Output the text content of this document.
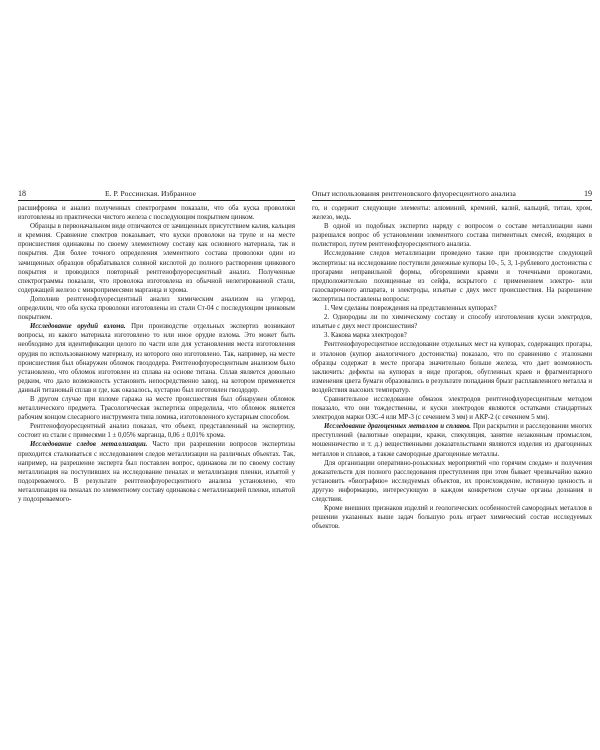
18	Е. Р. Россинская. Избранное

расшифровка и анализ полученных спектрограмм показали, что оба куска проволоки изготовлены из практически чистого железа с последующим покрытием цинком.

Образцы в первоначальном виде отличаются от зачищенных присутствием калия, кальция и кремния. Сравнение спектров показывает, что куски проволоки на трупе и на месте происшествия одинаковы по своему элементному составу как основного материала, так и покрытия. Для более точного определения элементного состава проволоки один из зачищенных образцов обрабатывался соляной кислотой до полного растворения цинкового покрытия и проводился повторный рентгенофлуоресцентный анализ. Полученные спектрограммы показали, что проволока изготовлена из обычной нелегированной стали, содержащей железо с микропримесями марганца и хрома.

Дополнив рентгенофлуоресцентный анализ химическим анализом на углерод, определили, что оба куска проволоки изготовлены из стали Ст-04 с последующим цинковым покрытием.

Исследование орудий взлома. При производстве отдельных экспертиз возникают вопросы, из какого материала изготовлено то или иное орудие взлома. Это может быть необходимо для идентификации целого по части или для установления места изготовления орудия по использованному материалу, из которого оно изготовлено. Так, например, на месте происшествия был обнаружен обломок гвоздодера. Рентгенофлуоресцентным анализом было установлено, что обломок изготовлен из сплава на основе титана. Сплав является довольно редким, что дало возможность установить непосредственно завод, на котором применяется данный титановый сплав и где, как оказалось, кустарно был изготовлен гвоздодер.

В другом случае при взломе гаража на месте происшествия был обнаружен обломок металлического предмета. Трасологическая экспертиза определила, что обломок является рабочим концом слесарного инструмента типа ломика, изготовленного кустарным способом.

Рентгенофлуоресцентный анализ показал, что объект, представленный на экспертизу, состоит из стали с примесями 1 ± 0,05% марганца, 0,06 ± 0,01% хрома.

Исследование следов металлизации. Часто при разрешении вопросов экспертизы приходится сталкиваться с исследованием следов металлизации на различных объектах. Так, например, на разрешение эксперта был поставлен вопрос, одинакова ли по своему составу металлизация на поступивших на исследование пеналах и металлизация пленки, изъятой у подозреваемого. В результате рентгенофлуоресцентного анализа установлено, что металлизация на пеналах по элементному составу одинакова с металлизацией пленки, изъятой у подозреваемого-

Опыт использования рентгеновского флуоресцентного анализа	19

го, и содержит следующие элементы: алюминий, кремний, калий, кальций, титан, хром, железо, медь.

В одной из подобных экспертиз наряду с вопросом о составе металлизации нами разрешался вопрос об установлении элементного состава пигментных смесей, входящих в полистирол, путем рентгенофлуоресцентного анализа.

Исследование следов металлизации проведено также при производстве следующей экспертизы: на исследование поступили денежные купюры 10-, 5, 3, 1-рублевого достоинства с прогарами неправильной формы, обгоревшими краями и точечными прожогами, предположительно похищенные из сейфа, вскрытого с применением электро- или газосварочного аппарата, и электроды, изъятые с двух мест происшествия. На разрешение экспертизы поставлены вопросы:

1. Чем сделаны повреждения на представленных купюрах?

2. Однородны ли по химическому составу и способу изготовления куски электродов, изъятые с двух мест происшествия?

3. Какова марка электродов?

Рентгенофлуоресцентное исследование отдельных мест на купюрах, содержащих прогары, и эталонов (купюр аналогичного достоинства) показало, что по сравнению с эталонами образцы содержат в месте прогара значительно больше железа, что дает возможность заключить: дефекты на купюрах в виде прогаров, обугленных краев и фрагментарного изменения цвета бумаги образовались в результате попадания брызг расплавленного металла и воздействия высоких температур.

Сравнительное исследование обмазок электродов рентгенофлуоресцентным методом показало, что они тождественны, и куски электродов являются остатками стандартных электродов марки ОЗС-4 или МР-3 (с сечением 3 мм) и АКР-2 (с сечением 5 мм).

Исследование драгоценных металлов и сплавов. При раскрытии и расследовании многих преступлений (валютные операции, кражи, спекуляция, занятие незаконным промыслом, мошенничество и т. д.) вещественными доказательствами являются изделия из драгоценных металлов и сплавов, а также самородные драгоценные металлы.

Для организации оперативно-розыскных мероприятий «по горячим следам» и получения доказательств для полного расследования преступления при этом бывает чрезвычайно важно установить «биографию» исследуемых объектов, их происхождение, истинную ценность и другую информацию, интересующую в каждом конкретном случае органы дознания и следствия.

Кроме внешних признаков изделий и геологических особенностей самородных металлов в решении указанных выше задач большую роль играет химический состав исследуемых объектов.
